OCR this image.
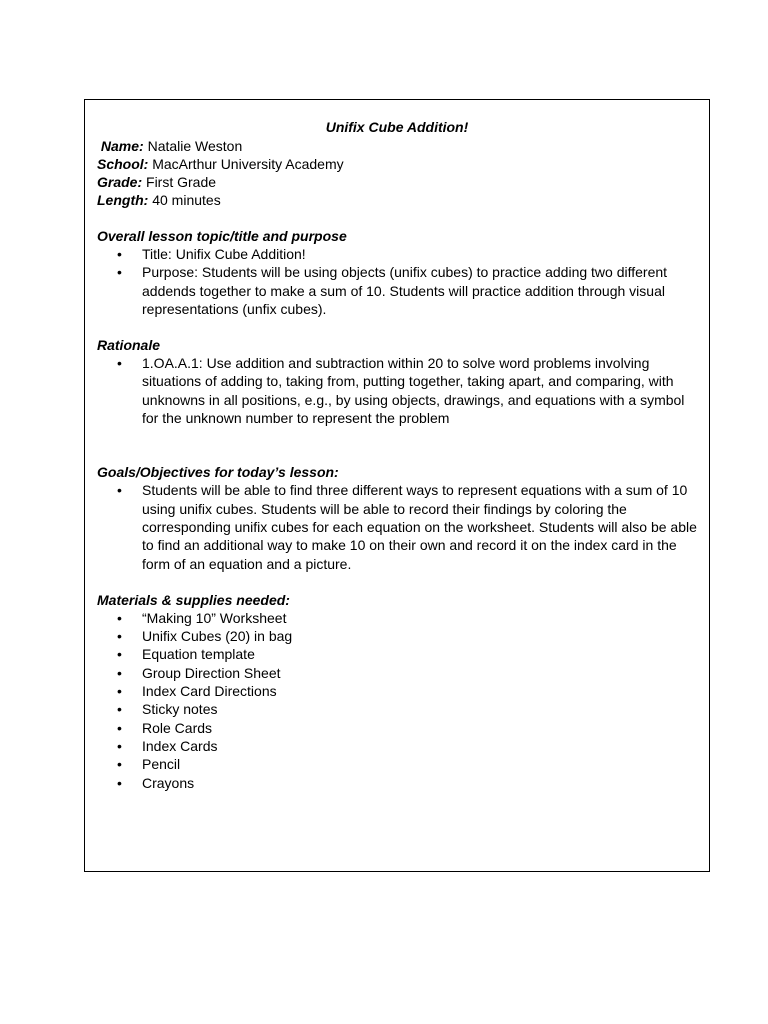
Unifix Cube Addition!
Name: Natalie Weston
School: MacArthur University Academy
Grade: First Grade
Length: 40 minutes
Overall lesson topic/title and purpose
• Title: Unifix Cube Addition!
• Purpose: Students will be using objects (unifix cubes) to practice adding two different addends together to make a sum of 10. Students will practice addition through visual representations (unfix cubes).
Rationale
• 1.OA.A.1: Use addition and subtraction within 20 to solve word problems involving situations of adding to, taking from, putting together, taking apart, and comparing, with unknowns in all positions, e.g., by using objects, drawings, and equations with a symbol for the unknown number to represent the problem
Goals/Objectives for today’s lesson:
• Students will be able to find three different ways to represent equations with a sum of 10 using unifix cubes. Students will be able to record their findings by coloring the corresponding unifix cubes for each equation on the worksheet. Students will also be able to find an additional way to make 10 on their own and record it on the index card in the form of an equation and a picture.
Materials & supplies needed:
• “Making 10” Worksheet
• Unifix Cubes (20) in bag
• Equation template
• Group Direction Sheet
• Index Card Directions
• Sticky notes
• Role Cards
• Index Cards
• Pencil
• Crayons
